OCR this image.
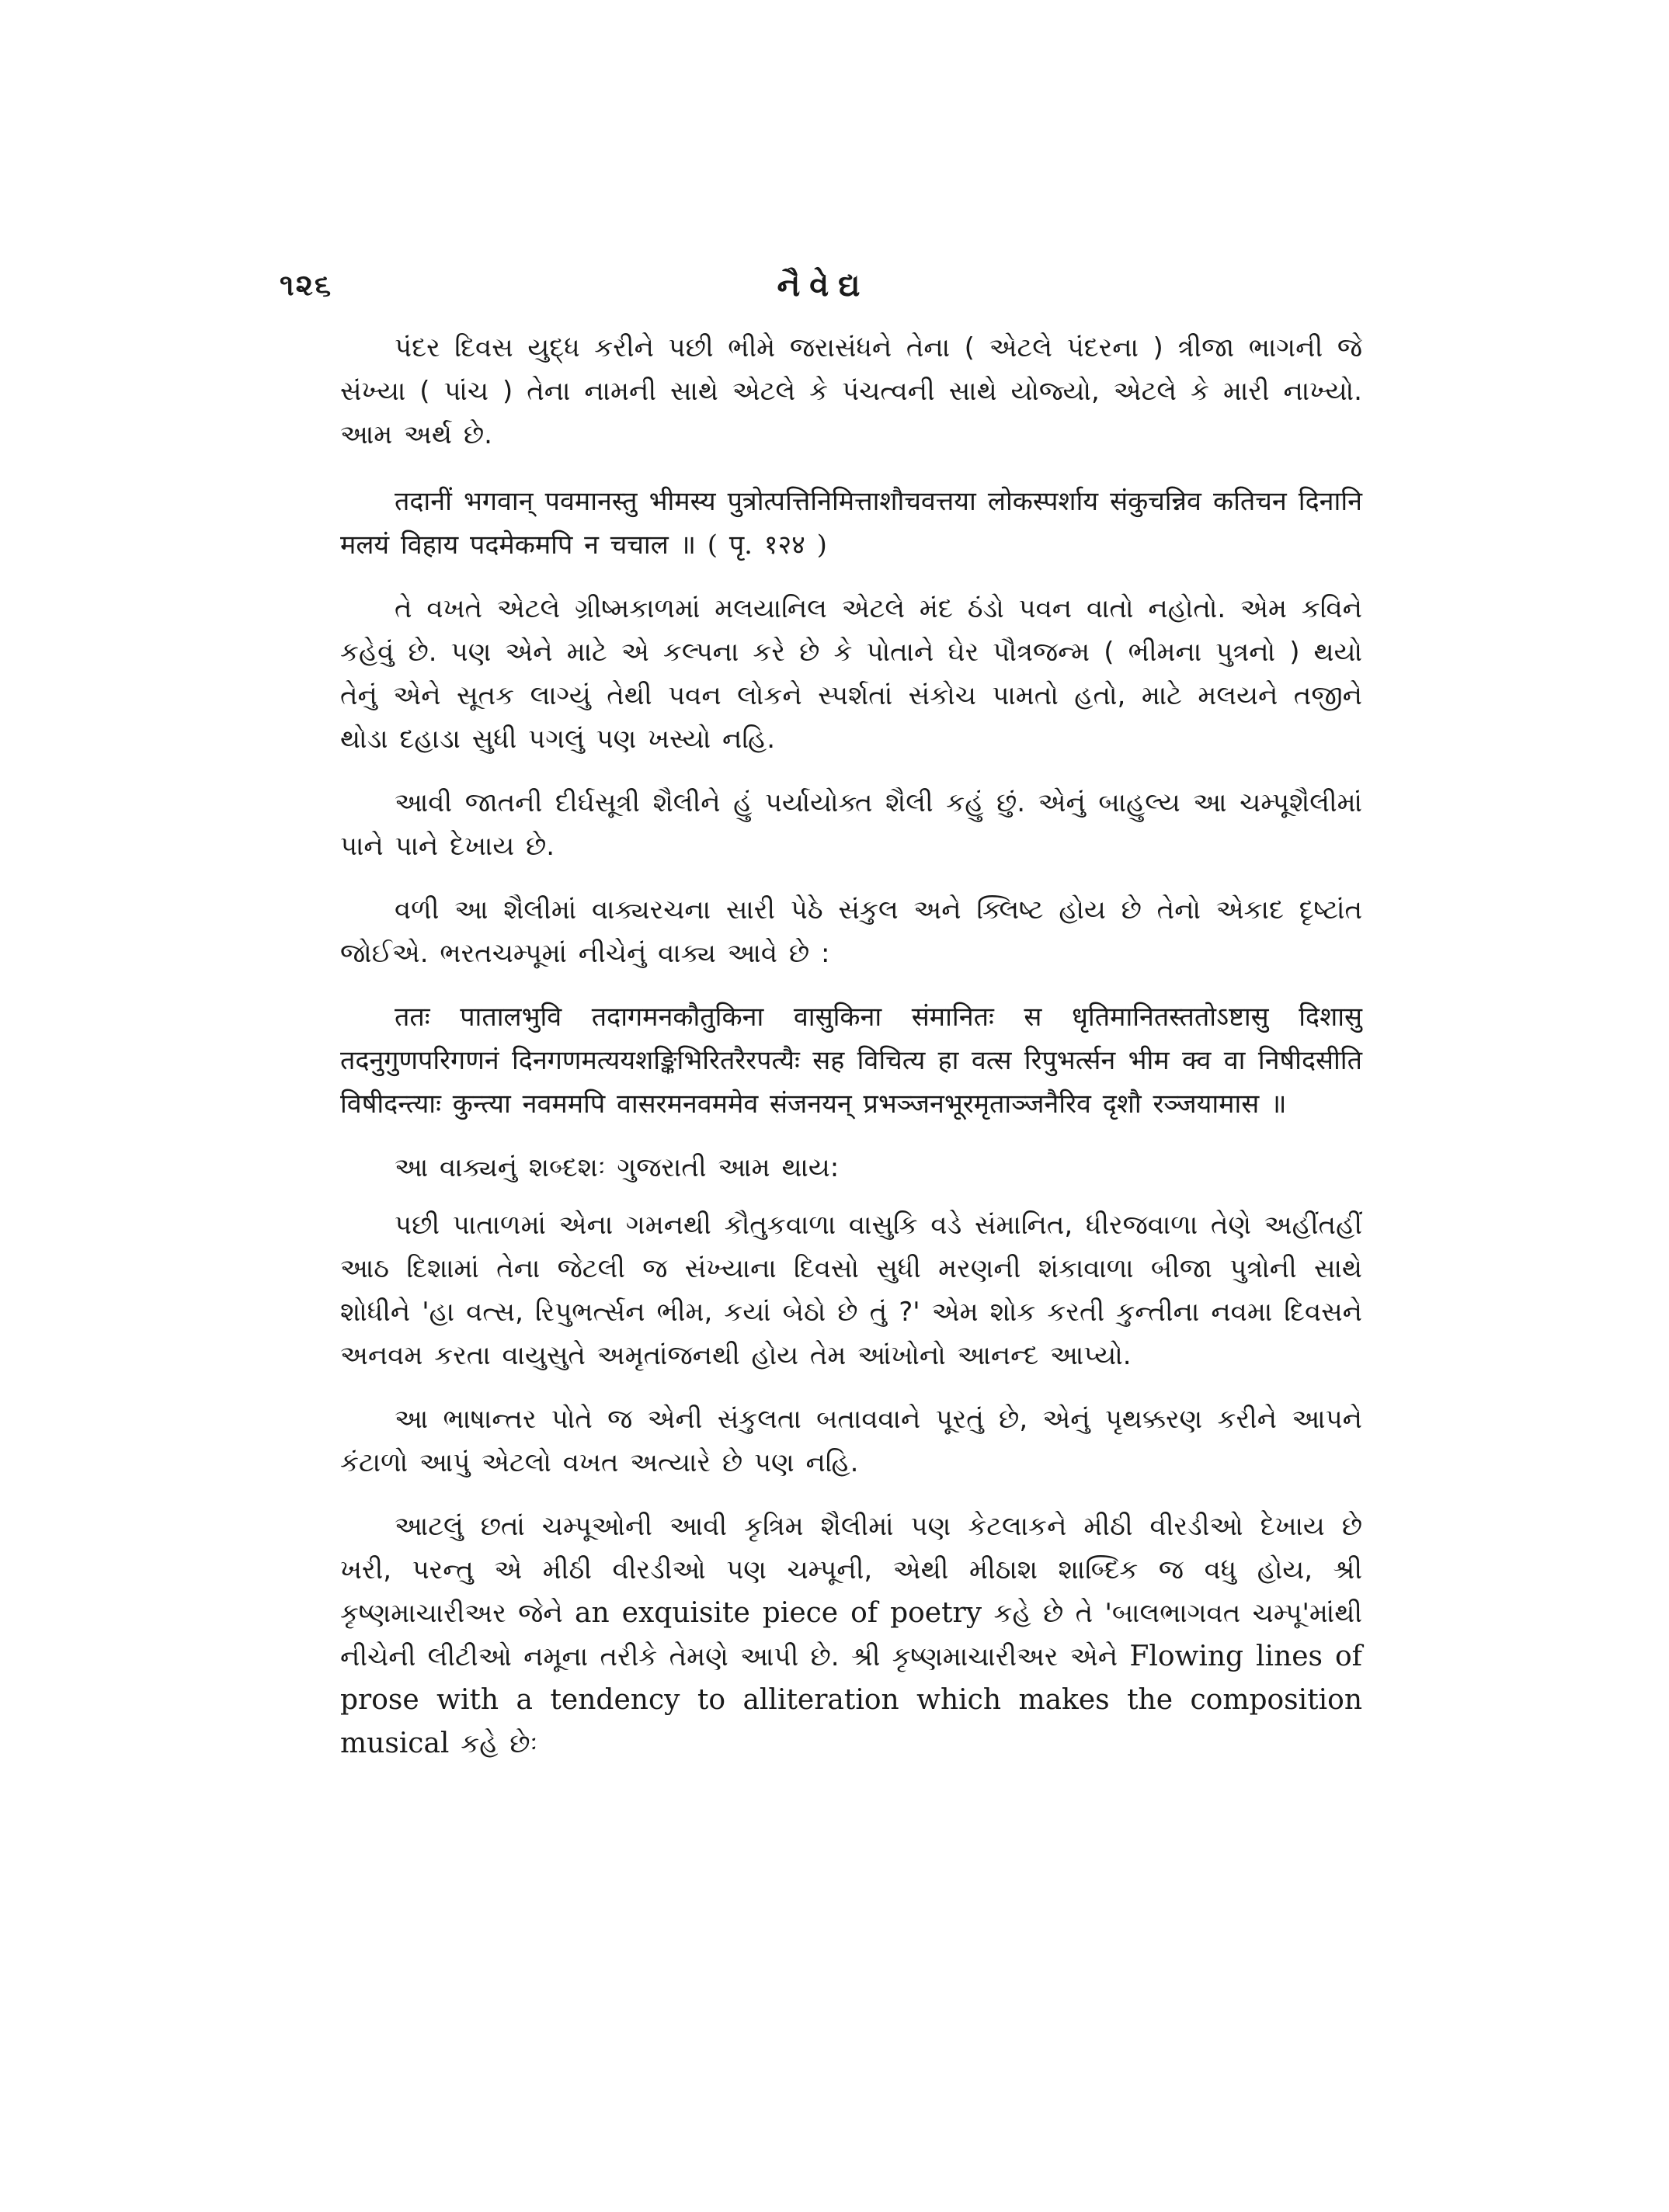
૧૨૬	નૈવેદ્ય

પંદર દિવસ યુદ્ધ કરીને પછી ભીમે જરાસંધને તેના ( એટલે પંદરના ) ત્રીજા ભાગની જે સંખ્યા ( પાંચ ) તેના નામની સાથે એટલે કે પંચત્વની સાથે યોજ્યો, એટલે કે મારી નાખ્યો. આમ અર્થ છે.

तदानीं भगवान् पवमानस्तु भीमस्य पुत्रोत्पत्तिनिमित्ताशौचवत्तया लोकस्पर्शाय संकुचन्निव कतिचन दिनानि मलयं विहाय पदमेकमपि न चचाल ॥ ( पृ. १२४ )

તે વખતે એટલે ગ્રીષ્મકાળમાં મલયાનિલ એટલે મંદ ઠંડો પવન વાતો નહોતો. એમ કવિને કહેવું છે. પણ એને માટે એ કલ્પના કરે છે કે પોતાને ઘેર પૌત્રજન્મ ( ભીમના પુત્રનો ) થયો તેનું એને સૂતક લાગ્યું તેથી પવન લોકને સ્પર્શતાં સંકોચ પામતો હતો, માટે મલયને તજીને થોડા દહાડા સુધી પગલું પણ ખસ્યો નહિ.

આવી જાતની દીર્ઘસૂત્રી શૈલીને હું પર્યાયોક્ત શૈલી કહું છું. એનું બાહુલ્ય આ ચમ્પૂશૈલીમાં પાને પાને દેખાય છે.

વળી આ શૈલીમાં વાક્યરચના સારી પેઠે સંકુલ અને ક્લિષ્ટ હોય છે તેનો એકાદ દૃષ્ટાંત જોઈએ. ભરતચમ્પૂમાં નીચેનું વાક્ય આવે છે :

ततः पातालभुवि तदागमनकौतुकिना वासुकिना संमानितः स धृतिमानितस्ततोऽष्टासु दिशासु तदनुगुणपरिगणनं दिनगणमत्ययशङ्किभिरितरैरपत्यैः सह विचित्य हा वत्स रिपुभर्त्सन भीम क्व वा निषीदसीति विषीदन्त्याः कुन्त्या नवममपि वासरमनवममेव संजनयन् प्रभञ्जनभूरमृताञ्जनैरिव दृशौ रञ्जयामास ॥

આ વાક્યનું શબ્દશઃ ગુજરાતી આમ થાય:

પછી પાતાળમાં એના ગમનથી કૌતુકવાળા વાસુકિ વડે સંમાનિત, ધીરજવાળા તેણે અહીંતહીં આઠ દિશામાં તેના જેટલી જ સંખ્યાના દિવસો સુધી મરણની શંકાવાળા બીજા પુત્રોની સાથે શોધીને 'હા વત્સ, રિપુભર્ત્સન ભીમ, કયાં બેઠો છે તું ?' એમ શોક કરતી કુન્તીના નવમા દિવસને અનવમ કરતા વાયુસુતે અમૃતાંજનથી હોય તેમ આંખોનો આનન્દ આપ્યો.

આ ભાષાન્તર પોતે જ એની સંકુલતા બતાવવાને પૂરતું છે, એનું પૃથક્કરણ કરીને આપને કંટાળો આપું એટલો વખત અત્યારે છે પણ નહિ.

આટલું છતાં ચમ્પૂઓની આવી કૃત્રિમ શૈલીમાં પણ કેટલાકને મીઠી વીરડીઓ દેખાય છે ખરી, પરન્તુ એ મીઠી વીરડીઓ પણ ચમ્પૂની, એથી મીઠાશ શાબ્દિક જ વધુ હોય, શ્રી કૃષ્ણમાચારીઅર જેને an exquisite piece of poetry કહે છે તે 'બાલભાગવત ચમ્પૂ'માંથી નીચેની લીટીઓ નમૂના તરીકે તેમણે આપી છે. શ્રી કૃષ્ણમાચારીઅર એને Flowing lines of prose with a tendency to alliteration which makes the composition musical કહે છેઃ
